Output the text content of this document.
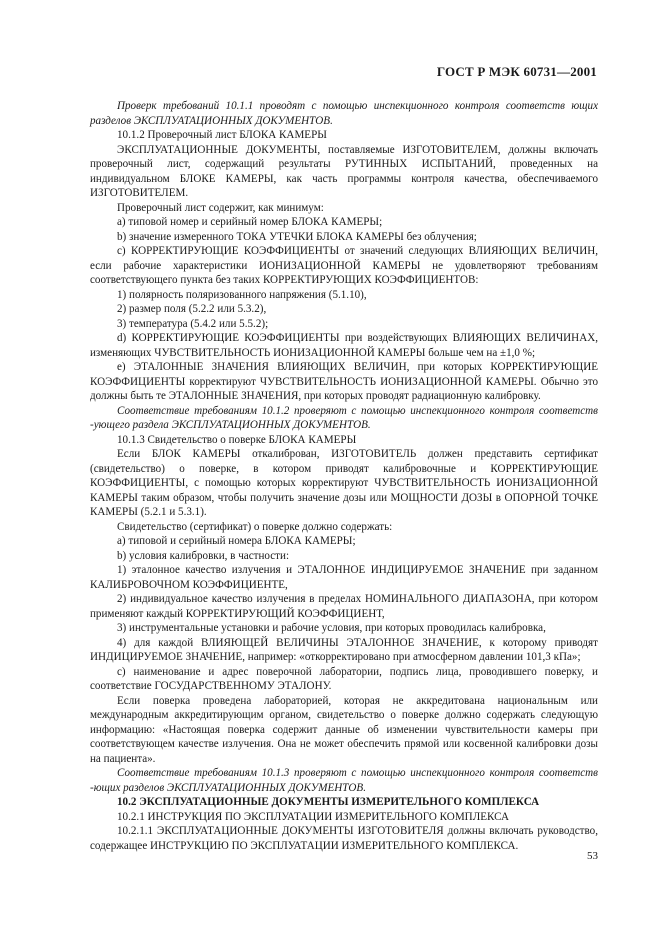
ГОСТ Р МЭК 60731—2001

Проверк требований 10.1.1 проводят с помощью инспекционного контроля соответств ющих разделов ЭКСПЛУАТАЦИОННЫХ ДОКУМЕНТОВ.

10.1.2 Проверочный лист БЛОКА КАМЕРЫ

ЭКСПЛУАТАЦИОННЫЕ ДОКУМЕНТЫ, поставляемые ИЗГОТОВИТЕЛЕМ, должны включать проверочный лист, содержащий результаты РУТИННЫХ ИСПЫТАНИЙ, проведенных на индивидуальном БЛОКЕ КАМЕРЫ, как часть программы контроля качества, обеспечиваемого ИЗГОТОВИТЕЛЕМ.

Проверочный лист содержит, как минимум:

а) типовой номер и серийный номер БЛОКА КАМЕРЫ;

b) значение измеренного ТОКА УТЕЧКИ БЛОКА КАМЕРЫ без облучения;

c) КОРРЕКТИРУЮЩИЕ КОЭФФИЦИЕНТЫ от значений следующих ВЛИЯЮЩИХ ВЕЛИЧИН, если рабочие характеристики ИОНИЗАЦИОННОЙ КАМЕРЫ не удовлетворяют требованиям соответствующего пункта без таких КОРРЕКТИРУЮЩИХ КОЭФФИЦИЕНТОВ:

1) полярность поляризованного напряжения (5.1.10),

2) размер поля (5.2.2 или 5.3.2),

3) температура (5.4.2 или 5.5.2);

d) КОРРЕКТИРУЮЩИЕ КОЭФФИЦИЕНТЫ при воздействующих ВЛИЯЮЩИХ ВЕЛИЧИНАХ, изменяющих ЧУВСТВИТЕЛЬНОСТЬ ИОНИЗАЦИОННОЙ КАМЕРЫ больше чем на ±1,0 %;

e) ЭТАЛОННЫЕ ЗНАЧЕНИЯ ВЛИЯЮЩИХ ВЕЛИЧИН, при которых КОРРЕКТИРУЮЩИЕ КОЭФФИЦИЕНТЫ корректируют ЧУВСТВИТЕЛЬНОСТЬ ИОНИЗАЦИОННОЙ КАМЕРЫ. Обычно это должны быть те ЭТАЛОННЫЕ ЗНАЧЕНИЯ, при которых проводят радиационную калибровку.

Соответствие требованиям 10.1.2 проверяют с помощью инспекционного контроля соответств -ующего раздела ЭКСПЛУАТАЦИОННЫХ ДОКУМЕНТОВ.

10.1.3 Свидетельство о поверке БЛОКА КАМЕРЫ

Если БЛОК КАМЕРЫ откалиброван, ИЗГОТОВИТЕЛЬ должен представить сертификат (свидетельство) о поверке, в котором приводят калибровочные и КОРРЕКТИРУЮЩИЕ КОЭФФИЦИЕНТЫ, с помощью которых корректируют ЧУВСТВИТЕЛЬНОСТЬ ИОНИЗАЦИОННОЙ КАМЕРЫ таким образом, чтобы получить значение дозы или МОЩНОСТИ ДОЗЫ в ОПОРНОЙ ТОЧКЕ КАМЕРЫ (5.2.1 и 5.3.1).

Свидетельство (сертификат) о поверке должно содержать:

а) типовой и серийный номера БЛОКА КАМЕРЫ;

b) условия калибровки, в частности:

1) эталонное качество излучения и ЭТАЛОННОЕ ИНДИЦИРУЕМОЕ ЗНАЧЕНИЕ при заданном КАЛИБРОВОЧНОМ КОЭФФИЦИЕНТЕ,

2) индивидуальное качество излучения в пределах НОМИНАЛЬНОГО ДИАПАЗОНА, при котором применяют каждый КОРРЕКТИРУЮЩИЙ КОЭФФИЦИЕНТ,

3) инструментальные установки и рабочие условия, при которых проводилась калибровка,

4) для каждой ВЛИЯЮЩЕЙ ВЕЛИЧИНЫ ЭТАЛОННОЕ ЗНАЧЕНИЕ, к которому приводят ИНДИЦИРУЕМОЕ ЗНАЧЕНИЕ, например: «откорректировано при атмосферном давлении 101,3 кПа»;

c) наименование и адрес поверочной лаборатории, подпись лица, проводившего поверку, и соответствие ГОСУДАРСТВЕННОМУ ЭТАЛОНУ.

Если поверка проведена лабораторией, которая не аккредитована национальным или международным аккредитирующим органом, свидетельство о поверке должно содержать следующую информацию: «Настоящая поверка содержит данные об изменении чувствительности камеры при соответствующем качестве излучения. Она не может обеспечить прямой или косвенной калибровки дозы на пациента».

Соответствие требованиям 10.1.3 проверяют с помощью инспекционного контроля соответств -ющих разделов ЭКСПЛУАТАЦИОННЫХ ДОКУМЕНТОВ.

10.2 ЭКСПЛУАТАЦИОННЫЕ ДОКУМЕНТЫ ИЗМЕРИТЕЛЬНОГО КОМПЛЕКСА

10.2.1 ИНСТРУКЦИЯ ПО ЭКСПЛУАТАЦИИ ИЗМЕРИТЕЛЬНОГО КОМПЛЕКСА

10.2.1.1 ЭКСПЛУАТАЦИОННЫЕ ДОКУМЕНТЫ ИЗГОТОВИТЕЛЯ должны включать руководство, содержащее ИНСТРУКЦИЮ ПО ЭКСПЛУАТАЦИИ ИЗМЕРИТЕЛЬНОГО КОМПЛЕКСА.

53
